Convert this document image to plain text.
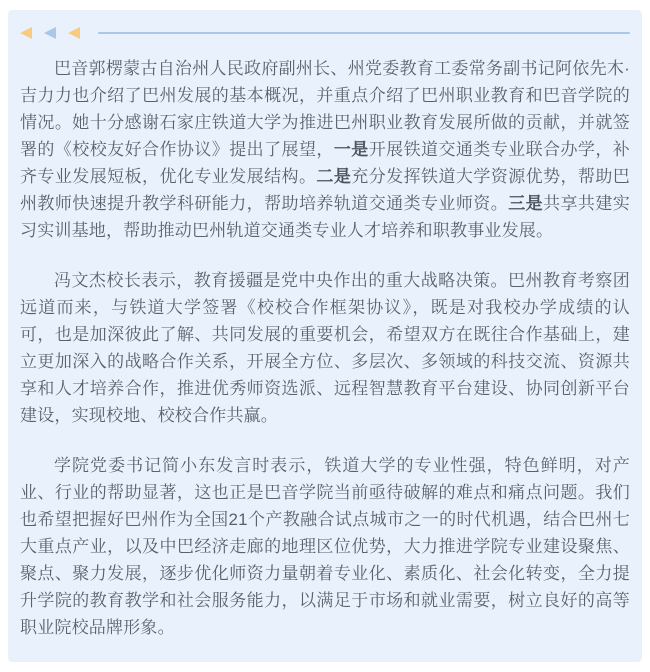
巴音郭楞蒙古自治州人民政府副州长、州党委教育工委常务副书记阿依先木·吉力力也介绍了巴州发展的基本概况，并重点介绍了巴州职业教育和巴音学院的情况。她十分感谢石家庄铁道大学为推进巴州职业教育发展所做的贡献，并就签署的《校校友好合作协议》提出了展望，一是开展铁道交通类专业联合办学，补齐专业发展短板，优化专业发展结构。二是充分发挥铁道大学资源优势，帮助巴州教师快速提升教学科研能力，帮助培养轨道交通类专业师资。三是共享共建实习实训基地，帮助推动巴州轨道交通类专业人才培养和职教事业发展。

冯文杰校长表示，教育援疆是党中央作出的重大战略决策。巴州教育考察团远道而来，与铁道大学签署《校校合作框架协议》，既是对我校办学成绩的认可，也是加深彼此了解、共同发展的重要机会，希望双方在既往合作基础上，建立更加深入的战略合作关系，开展全方位、多层次、多领域的科技交流、资源共享和人才培养合作，推进优秀师资选派、远程智慧教育平台建设、协同创新平台建设，实现校地、校校合作共赢。

学院党委书记简小东发言时表示，铁道大学的专业性强，特色鲜明，对产业、行业的帮助显著，这也正是巴音学院当前亟待破解的难点和痛点问题。我们也希望把握好巴州作为全国21个产教融合试点城市之一的时代机遇，结合巴州七大重点产业，以及中巴经济走廊的地理区位优势，大力推进学院专业建设聚焦、聚点、聚力发展，逐步优化师资力量朝着专业化、素质化、社会化转变，全力提升学院的教育教学和社会服务能力，以满足于市场和就业需要，树立良好的高等职业院校品牌形象。
